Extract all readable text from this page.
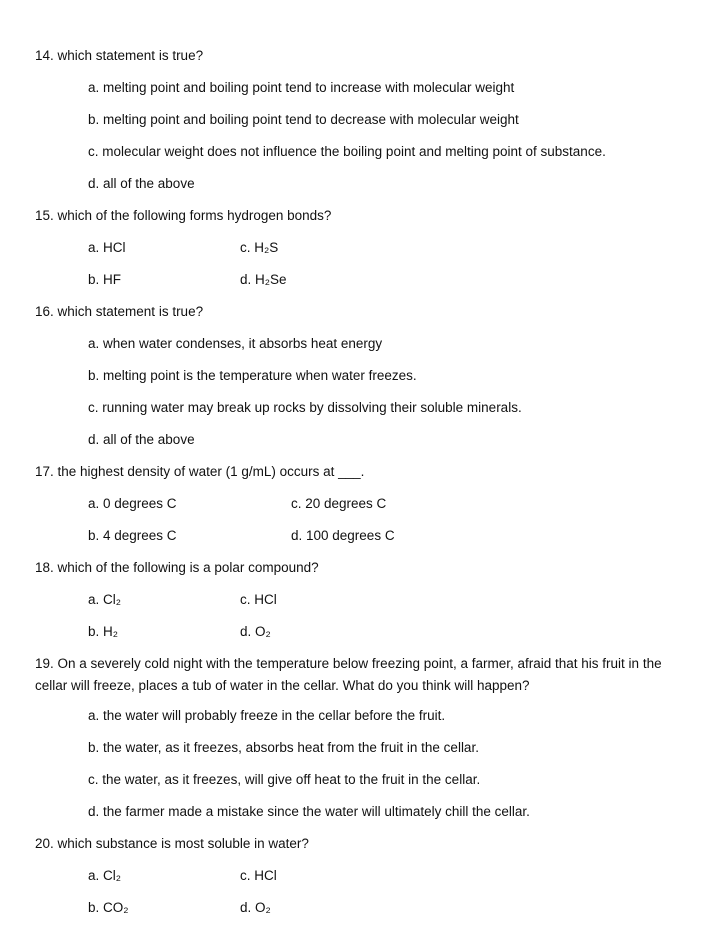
14. which statement is true?
a. melting point and boiling point tend to increase with molecular weight
b. melting point and boiling point tend to decrease with molecular weight
c. molecular weight does not influence the boiling point and melting point of substance.
d. all of the above
15. which of the following forms hydrogen bonds?
a. HCl	c. H₂S
b. HF	d. H₂Se
16. which statement is true?
a. when water condenses, it absorbs heat energy
b. melting point is the temperature when water freezes.
c. running water may break up rocks by dissolving their soluble minerals.
d. all of the above
17. the highest density of water (1 g/mL) occurs at ___.
a. 0 degrees C	c. 20 degrees C
b. 4 degrees C	d. 100 degrees C
18. which of the following is a polar compound?
a. Cl₂	c. HCl
b. H₂	d. O₂
19. On a severely cold night with the temperature below freezing point, a farmer, afraid that his fruit in the cellar will freeze, places a tub of water in the cellar. What do you think will happen?
a. the water will probably freeze in the cellar before the fruit.
b. the water, as it freezes, absorbs heat from the fruit in the cellar.
c. the water, as it freezes, will give off heat to the fruit in the cellar.
d. the farmer made a mistake since the water will ultimately chill the cellar.
20. which substance is most soluble in water?
a. Cl₂	c. HCl
b. CO₂	d. O₂
